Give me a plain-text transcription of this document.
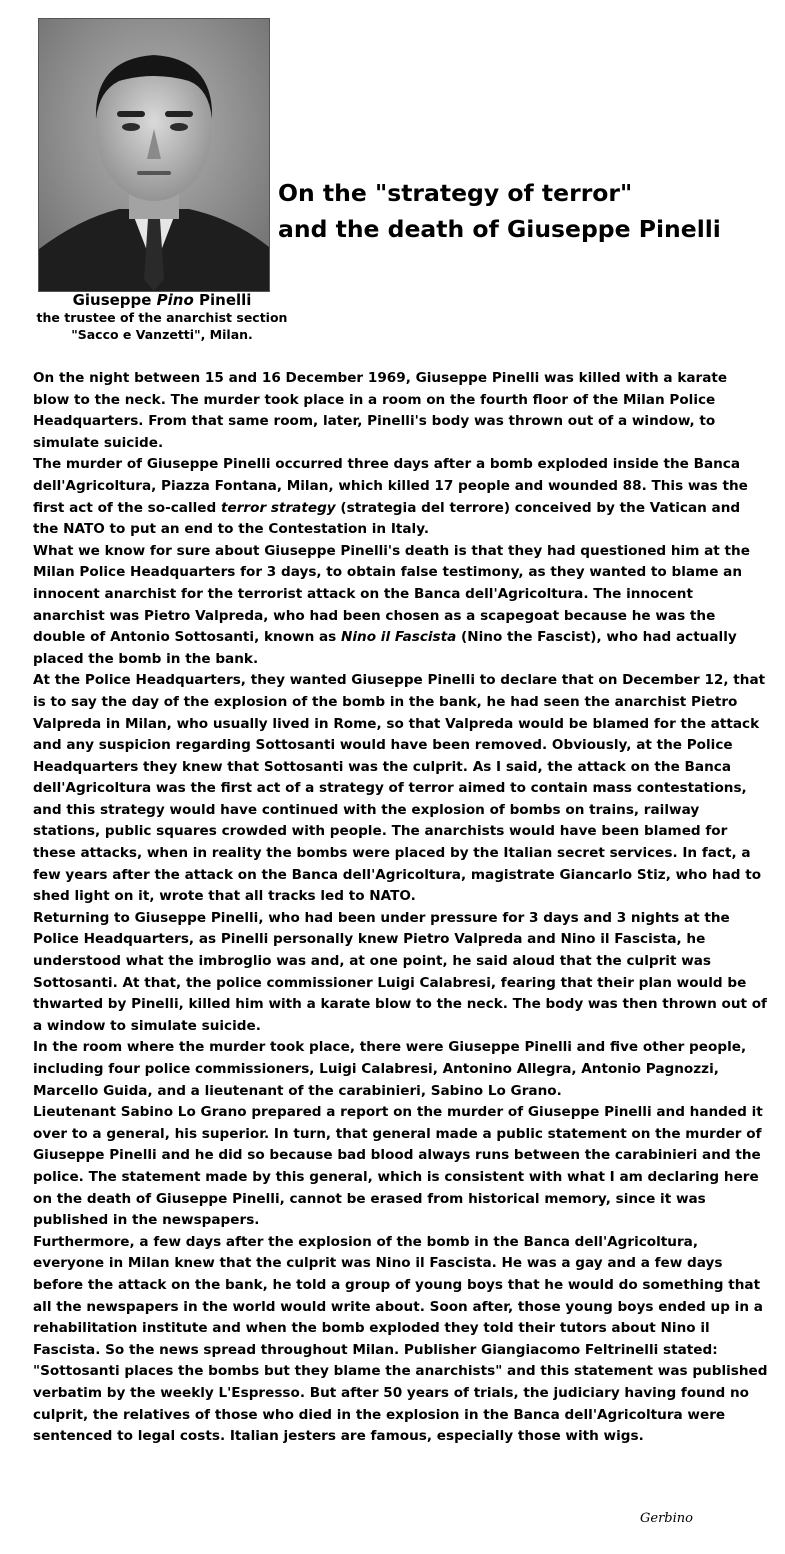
Giuseppe Pino Pinelli
the trustee of the anarchist section
"Sacco e Vanzetti", Milan.
On the "strategy of terror"
and the death of Giuseppe Pinelli

On the night between 15 and 16 December 1969, Giuseppe Pinelli was killed with a karate blow to the neck. The murder took place in a room on the fourth floor of the Milan Police Headquarters. From that same room, later, Pinelli's body was thrown out of a window, to simulate suicide.

The murder of Giuseppe Pinelli occurred three days after a bomb exploded inside the Banca dell'Agricoltura, Piazza Fontana, Milan, which killed 17 people and wounded 88. This was the first act of the so-called terror strategy (strategia del terrore) conceived by the Vatican and the NATO to put an end to the Contestation in Italy.

What we know for sure about Giuseppe Pinelli's death is that they had questioned him at the Milan Police Headquarters for 3 days, to obtain false testimony, as they wanted to blame an innocent anarchist for the terrorist attack on the Banca dell'Agricoltura. The innocent anarchist was Pietro Valpreda, who had been chosen as a scapegoat because he was the double of Antonio Sottosanti, known as Nino il Fascista (Nino the Fascist), who had actually placed the bomb in the bank.

At the Police Headquarters, they wanted Giuseppe Pinelli to declare that on December 12, that is to say the day of the explosion of the bomb in the bank, he had seen the anarchist Pietro Valpreda in Milan, who usually lived in Rome, so that Valpreda would be blamed for the attack and any suspicion regarding Sottosanti would have been removed. Obviously, at the Police Headquarters they knew that Sottosanti was the culprit. As I said, the attack on the Banca dell'Agricoltura was the first act of a strategy of terror aimed to contain mass contestations, and this strategy would have continued with the explosion of bombs on trains, railway stations, public squares crowded with people. The anarchists would have been blamed for these attacks, when in reality the bombs were placed by the Italian secret services. In fact, a few years after the attack on the Banca dell'Agricoltura, magistrate Giancarlo Stiz, who had to shed light on it, wrote that all tracks led to NATO.

Returning to Giuseppe Pinelli, who had been under pressure for 3 days and 3 nights at the Police Headquarters, as Pinelli personally knew Pietro Valpreda and Nino il Fascista, he understood what the imbroglio was and, at one point, he said aloud that the culprit was Sottosanti. At that, the police commissioner Luigi Calabresi, fearing that their plan would be thwarted by Pinelli, killed him with a karate blow to the neck. The body was then thrown out of a window to simulate suicide.

In the room where the murder took place, there were Giuseppe Pinelli and five other people, including four police commissioners, Luigi Calabresi, Antonino Allegra, Antonio Pagnozzi, Marcello Guida, and a lieutenant of the carabinieri, Sabino Lo Grano.

Lieutenant Sabino Lo Grano prepared a report on the murder of Giuseppe Pinelli and handed it over to a general, his superior. In turn, that general made a public statement on the murder of Giuseppe Pinelli and he did so because bad blood always runs between the carabinieri and the police. The statement made by this general, which is consistent with what I am declaring here on the death of Giuseppe Pinelli, cannot be erased from historical memory, since it was published in the newspapers.

Furthermore, a few days after the explosion of the bomb in the Banca dell'Agricoltura, everyone in Milan knew that the culprit was Nino il Fascista. He was a gay and a few days before the attack on the bank, he told a group of young boys that he would do something that all the newspapers in the world would write about. Soon after, those young boys ended up in a rehabilitation institute and when the bomb exploded they told their tutors about Nino il Fascista. So the news spread throughout Milan. Publisher Giangiacomo Feltrinelli stated: "Sottosanti places the bombs but they blame the anarchists" and this statement was published verbatim by the weekly L'Espresso. But after 50 years of trials, the judiciary having found no culprit, the relatives of those who died in the explosion in the Banca dell'Agricoltura were sentenced to legal costs. Italian jesters are famous, especially those with wigs.

Gerbino
